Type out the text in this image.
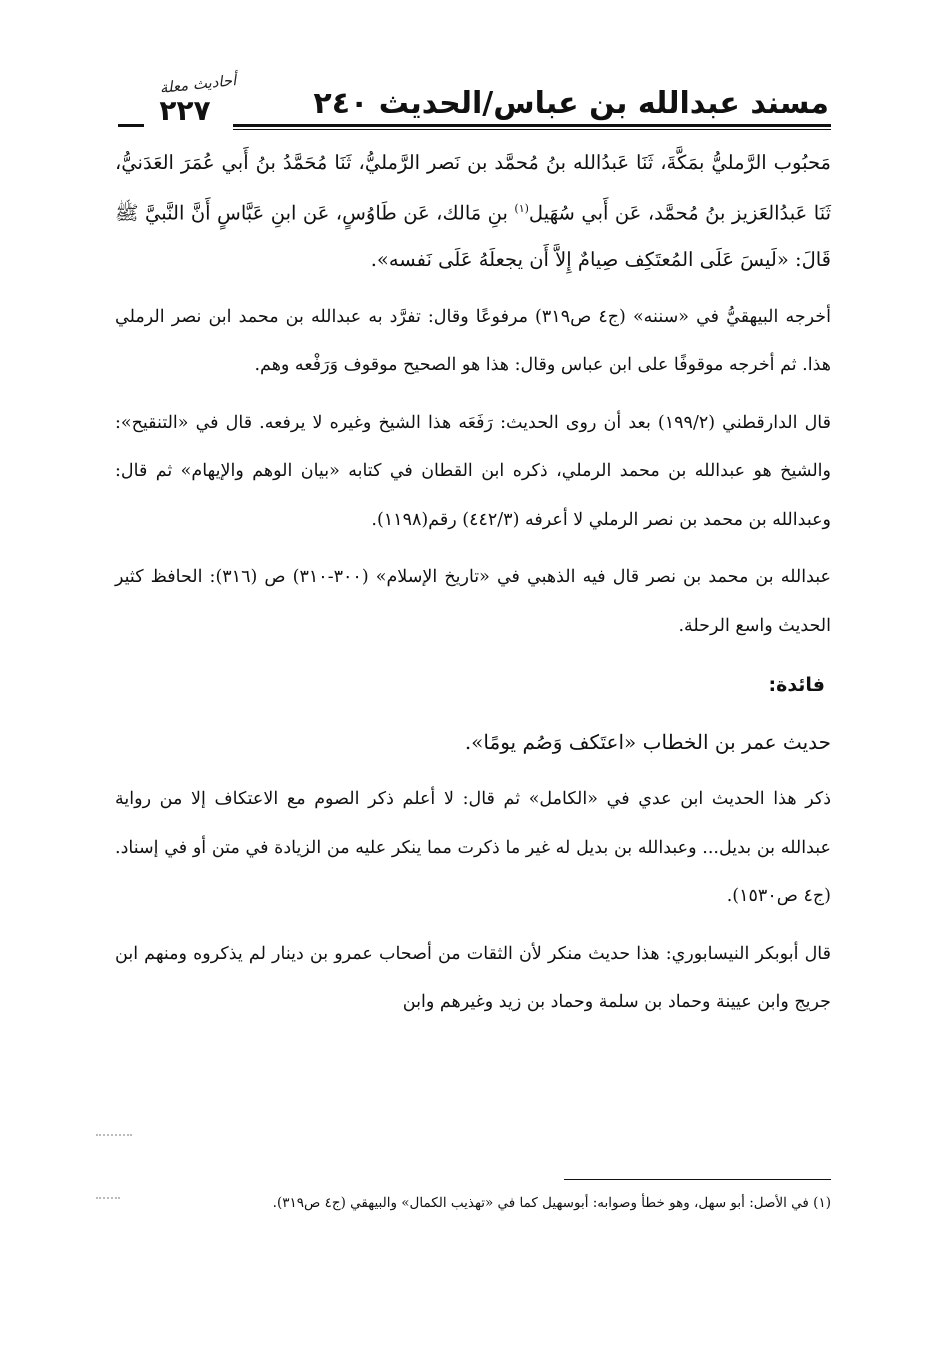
أحاديث معلة
٢٢٧	مسند عبدالله بن عباس/الحديث ٢٤٠

مَحبُوب الرَّمليُّ بمَكَّةَ، ثَنَا عَبدُالله بنُ مُحمَّد بن نَصر الرَّمليُّ، ثَنَا مُحَمَّدُ بنُ أَبي عُمَرَ العَدَنيُّ، ثَنَا عَبدُالعَزيز بنُ مُحمَّد، عَن أَبي سُهَيل$^{(١)}$ بنِ مَالك، عَن طَاوُسٍ، عَن ابنِ عَبَّاسٍ أَنَّ النَّبيَّ ﷺ قَالَ: «لَيسَ عَلَى المُعتَكِف صِيامٌ إِلاَّ أَن يجعلَهُ عَلَى نَفسه».

أخرجه البيهقيُّ في «سننه» (ج٤ ص٣١٩) مرفوعًا وقال: تفرَّد به عبدالله بن محمد ابن نصر الرملي هذا. ثم أخرجه موقوفًا على ابن عباس وقال: هذا هو الصحيح موقوف وَرَفْعه وهم.

قال الدارقطني (١٩٩/٢) بعد أن روى الحديث: رَفَعَه هذا الشيخ وغيره لا يرفعه. قال في «التنقيح»: والشيخ هو عبدالله بن محمد الرملي، ذكره ابن القطان في كتابه «بيان الوهم والإيهام» ثم قال: وعبدالله بن محمد بن نصر الرملي لا أعرفه (٤٤٢/٣) رقم(١١٩٨).

عبدالله بن محمد بن نصر قال فيه الذهبي في «تاريخ الإسلام» (٣٠٠-٣١٠) ص (٣١٦): الحافظ كثير الحديث واسع الرحلة.

فائدة:

حديث عمر بن الخطاب «اعتَكف وَصُم يومًا».

ذكر هذا الحديث ابن عدي في «الكامل» ثم قال: لا أعلم ذكر الصوم مع الاعتكاف إلا من رواية عبدالله بن بديل... وعبدالله بن بديل له غير ما ذكرت مما ينكر عليه من الزيادة في متن أو في إسناد. (ج٤ ص١٥٣٠).

قال أبوبكر النيسابوري: هذا حديث منكر لأن الثقات من أصحاب عمرو بن دينار لم يذكروه ومنهم ابن جريج وابن عيينة وحماد بن سلمة وحماد بن زيد وغيرهم وابن

(١) في الأصل: أبو سهل، وهو خطأ وصوابه: أبوسهيل كما في «تهذيب الكمال» والبيهقي (ج٤ ص٣١٩).
